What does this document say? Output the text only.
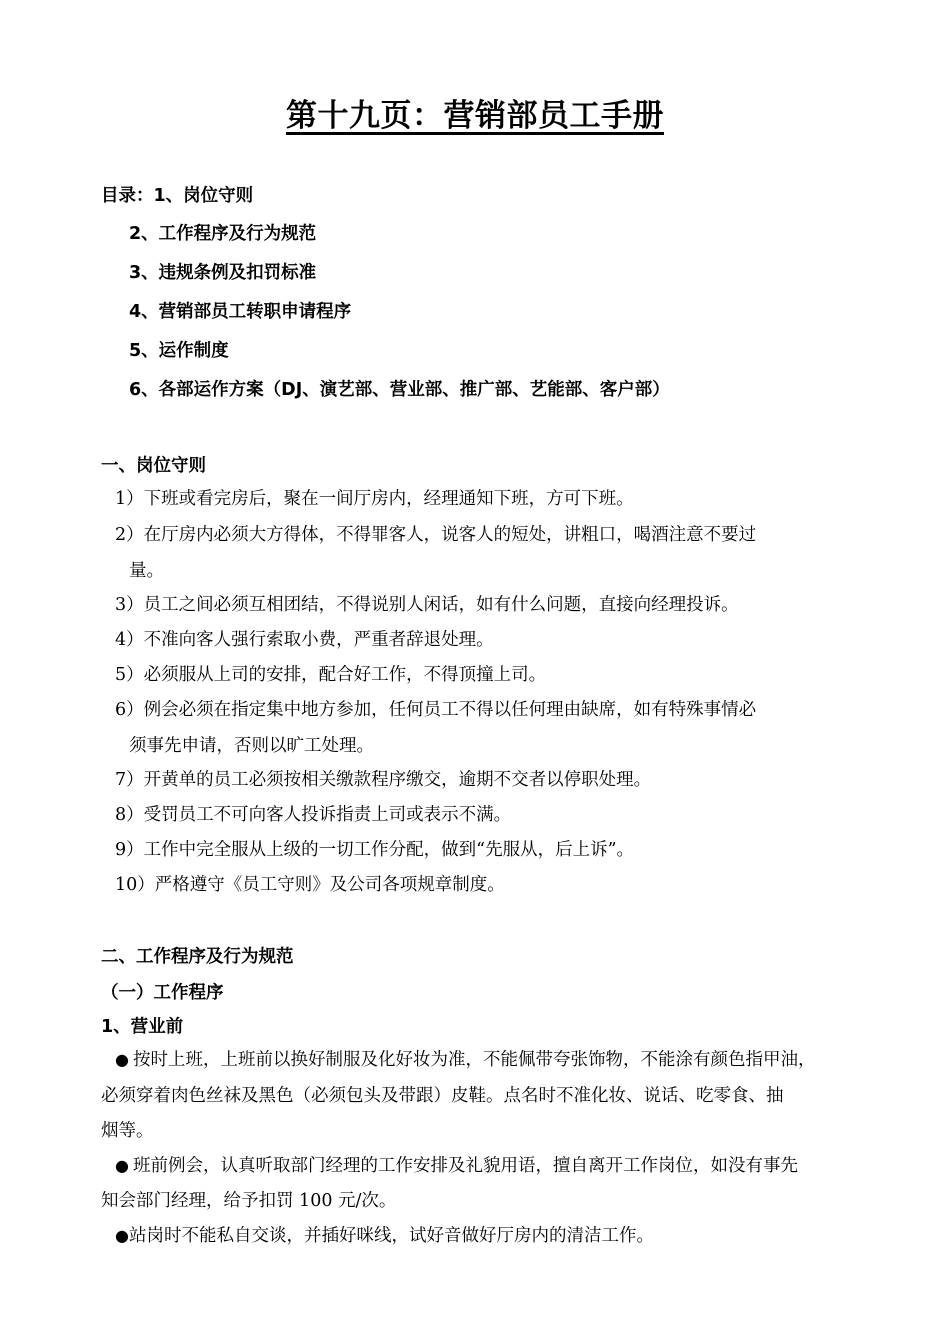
第十九页：营销部员工手册
目录：1、岗位守则
2、工作程序及行为规范
3、违规条例及扣罚标准
4、营销部员工转职申请程序
5、运作制度
6、各部运作方案（DJ、演艺部、营业部、推广部、艺能部、客户部）
一、岗位守则
1）下班或看完房后，聚在一间厅房内，经理通知下班，方可下班。
2）在厅房内必须大方得体，不得罪客人，说客人的短处，讲粗口，喝酒注意不要过
量。
3）员工之间必须互相团结，不得说别人闲话，如有什么问题，直接向经理投诉。
4）不准向客人强行索取小费，严重者辞退处理。
5）必须服从上司的安排，配合好工作，不得顶撞上司。
6）例会必须在指定集中地方参加，任何员工不得以任何理由缺席，如有特殊事情必
须事先申请，否则以旷工处理。
7）开黄单的员工必须按相关缴款程序缴交，逾期不交者以停职处理。
8）受罚员工不可向客人投诉指责上司或表示不满。
9）工作中完全服从上级的一切工作分配，做到“先服从，后上诉”。
10）严格遵守《员工守则》及公司各项规章制度。
二、工作程序及行为规范
（一）工作程序
1、营业前
● 按时上班，上班前以换好制服及化好妆为准，不能佩带夸张饰物，不能涂有颜色指甲油，
必须穿着肉色丝袜及黑色（必须包头及带跟）皮鞋。点名时不准化妆、说话、吃零食、抽
烟等。
● 班前例会，认真听取部门经理的工作安排及礼貌用语，擅自离开工作岗位，如没有事先
知会部门经理，给予扣罚 100 元/次。
●站岗时不能私自交谈，并插好咪线，试好音做好厅房内的清洁工作。
